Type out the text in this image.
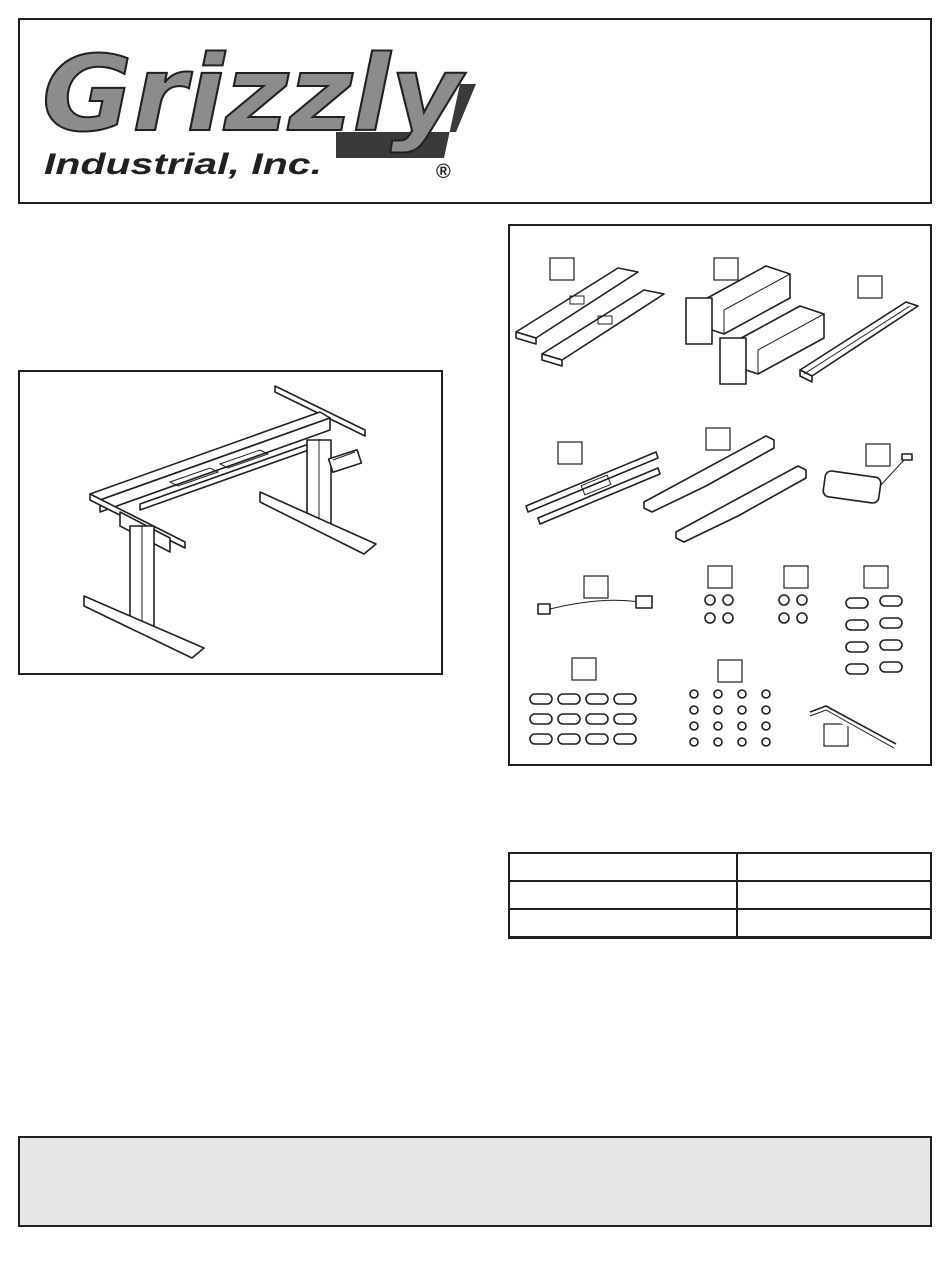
Grizzly
Industrial, Inc.	®
